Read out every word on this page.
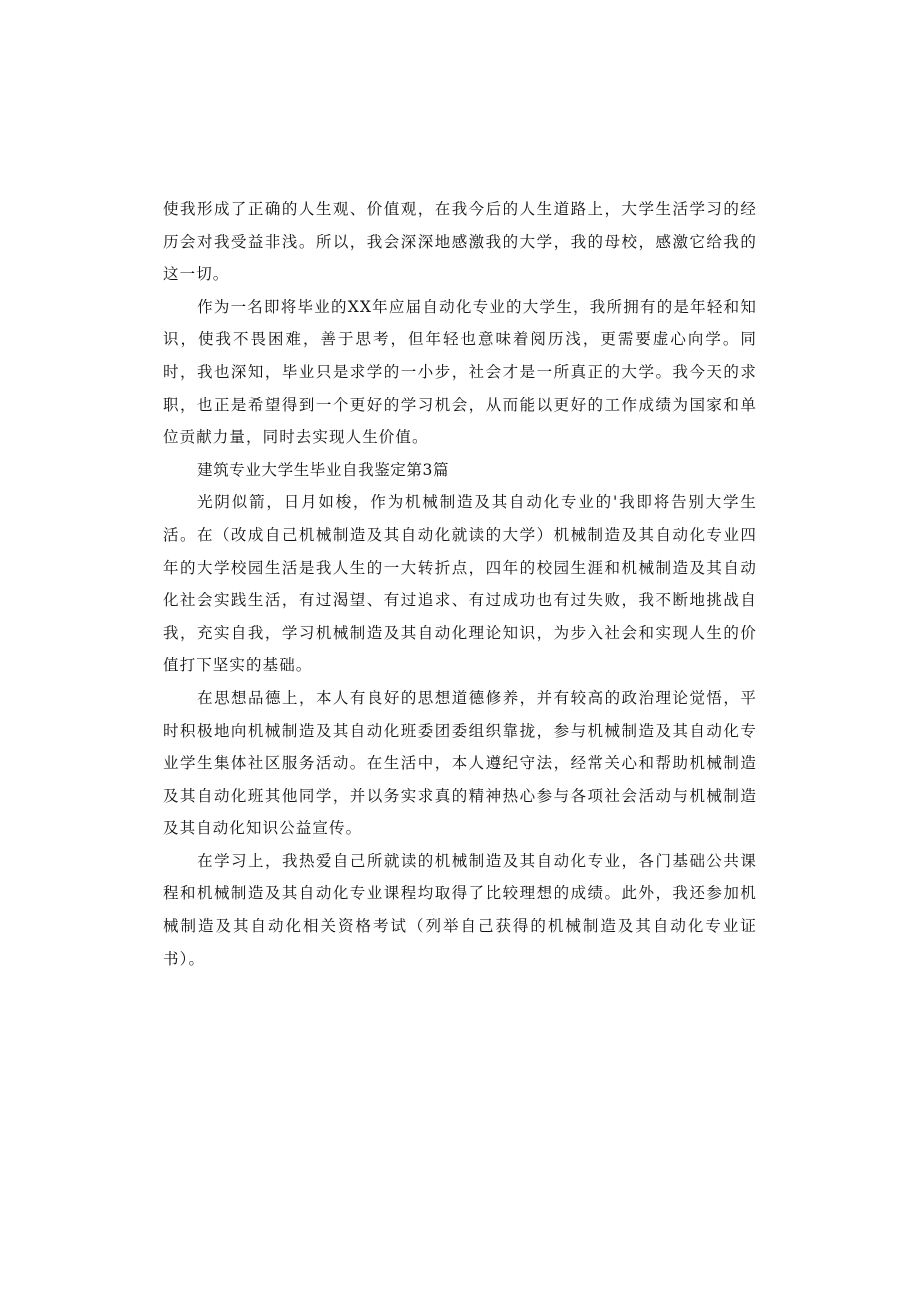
使我形成了正确的人生观、价值观，在我今后的人生道路上，大学生活学习的经历会对我受益非浅。所以，我会深深地感激我的大学，我的母校，感激它给我的这一切。

作为一名即将毕业的XX年应届自动化专业的大学生，我所拥有的是年轻和知识，使我不畏困难，善于思考，但年轻也意味着阅历浅，更需要虚心向学。同时，我也深知，毕业只是求学的一小步，社会才是一所真正的大学。我今天的求职，也正是希望得到一个更好的学习机会，从而能以更好的工作成绩为国家和单位贡献力量，同时去实现人生价值。

建筑专业大学生毕业自我鉴定第3篇

光阴似箭，日月如梭，作为机械制造及其自动化专业的'我即将告别大学生活。在（改成自己机械制造及其自动化就读的大学）机械制造及其自动化专业四年的大学校园生活是我人生的一大转折点，四年的校园生涯和机械制造及其自动化社会实践生活，有过渴望、有过追求、有过成功也有过失败，我不断地挑战自我，充实自我，学习机械制造及其自动化理论知识，为步入社会和实现人生的价值打下坚实的基础。

在思想品德上，本人有良好的思想道德修养，并有较高的政治理论觉悟，平时积极地向机械制造及其自动化班委团委组织靠拢，参与机械制造及其自动化专业学生集体社区服务活动。在生活中，本人遵纪守法，经常关心和帮助机械制造及其自动化班其他同学，并以务实求真的精神热心参与各项社会活动与机械制造及其自动化知识公益宣传。

在学习上，我热爱自己所就读的机械制造及其自动化专业，各门基础公共课程和机械制造及其自动化专业课程均取得了比较理想的成绩。此外，我还参加机械制造及其自动化相关资格考试（列举自己获得的机械制造及其自动化专业证书）。
